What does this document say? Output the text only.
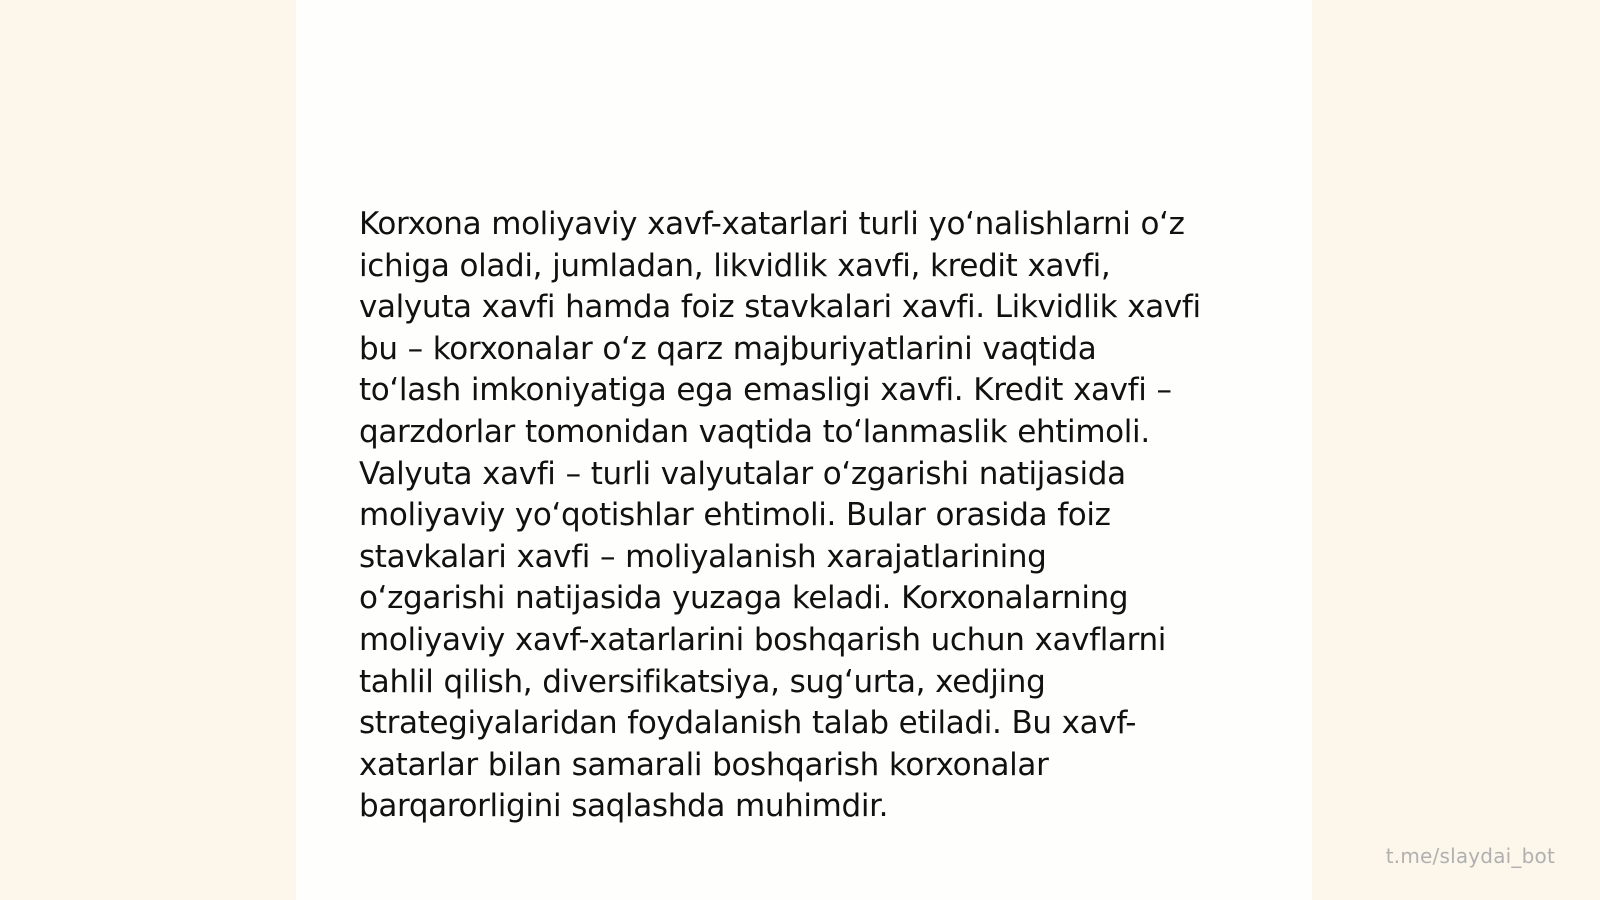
Korxona moliyaviy xavf-xatarlari turli yo‘nalishlarni o‘z
ichiga oladi, jumladan, likvidlik xavfi, kredit xavfi,
valyuta xavfi hamda foiz stavkalari xavfi. Likvidlik xavfi
bu – korxonalar o‘z qarz majburiyatlarini vaqtida
to‘lash imkoniyatiga ega emasligi xavfi. Kredit xavfi –
qarzdorlar tomonidan vaqtida to‘lanmaslik ehtimoli.
Valyuta xavfi – turli valyutalar o‘zgarishi natijasida
moliyaviy yo‘qotishlar ehtimoli. Bular orasida foiz
stavkalari xavfi – moliyalanish xarajatlarining
o‘zgarishi natijasida yuzaga keladi. Korxonalarning
moliyaviy xavf-xatarlarini boshqarish uchun xavflarni
tahlil qilish, diversifikatsiya, sug‘urta, xedjing
strategiyalaridan foydalanish talab etiladi. Bu xavf-
xatarlar bilan samarali boshqarish korxonalar
barqarorligini saqlashda muhimdir.

t.me/slaydai_bot
